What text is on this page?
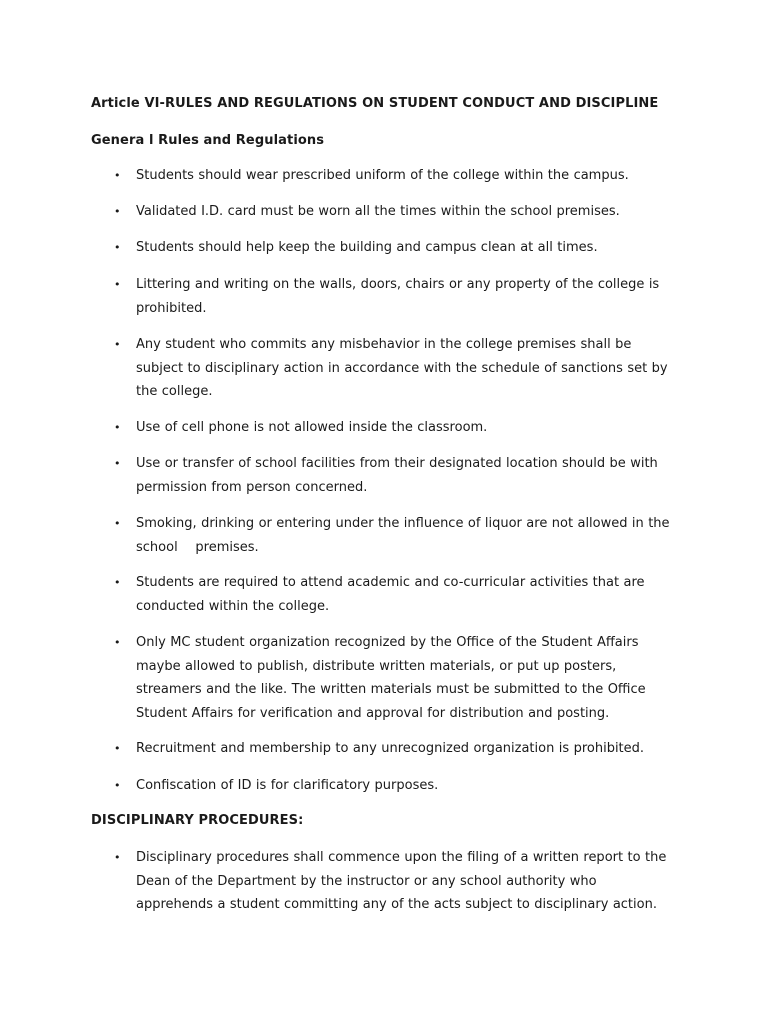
Article VI-RULES AND REGULATIONS ON STUDENT CONDUCT AND DISCIPLINE
Genera l Rules and Regulations
• Students should wear prescribed uniform of the college within the campus.
• Validated I.D. card must be worn all the times within the school premises.
• Students should help keep the building and campus clean at all times.
• Littering and writing on the walls, doors, chairs or any property of the college is prohibited.
• Any student who commits any misbehavior in the college premises shall be subject to disciplinary action in accordance with the schedule of sanctions set by the college.
• Use of cell phone is not allowed inside the classroom.
• Use or transfer of school facilities from their designated location should be with permission from person concerned.
• Smoking, drinking or entering under the influence of liquor are not allowed in the school    premises.
• Students are required to attend academic and co-curricular activities that are conducted within the college.
• Only MC student organization recognized by the Office of the Student Affairs maybe allowed to publish, distribute written materials, or put up posters, streamers and the like. The written materials must be submitted to the Office Student Affairs for verification and approval for distribution and posting.
• Recruitment and membership to any unrecognized organization is prohibited.
• Confiscation of ID is for clarificatory purposes.
DISCIPLINARY PROCEDURES:
• Disciplinary procedures shall commence upon the filing of a written report to the Dean of the Department by the instructor or any school authority who apprehends a student committing any of the acts subject to disciplinary action.
